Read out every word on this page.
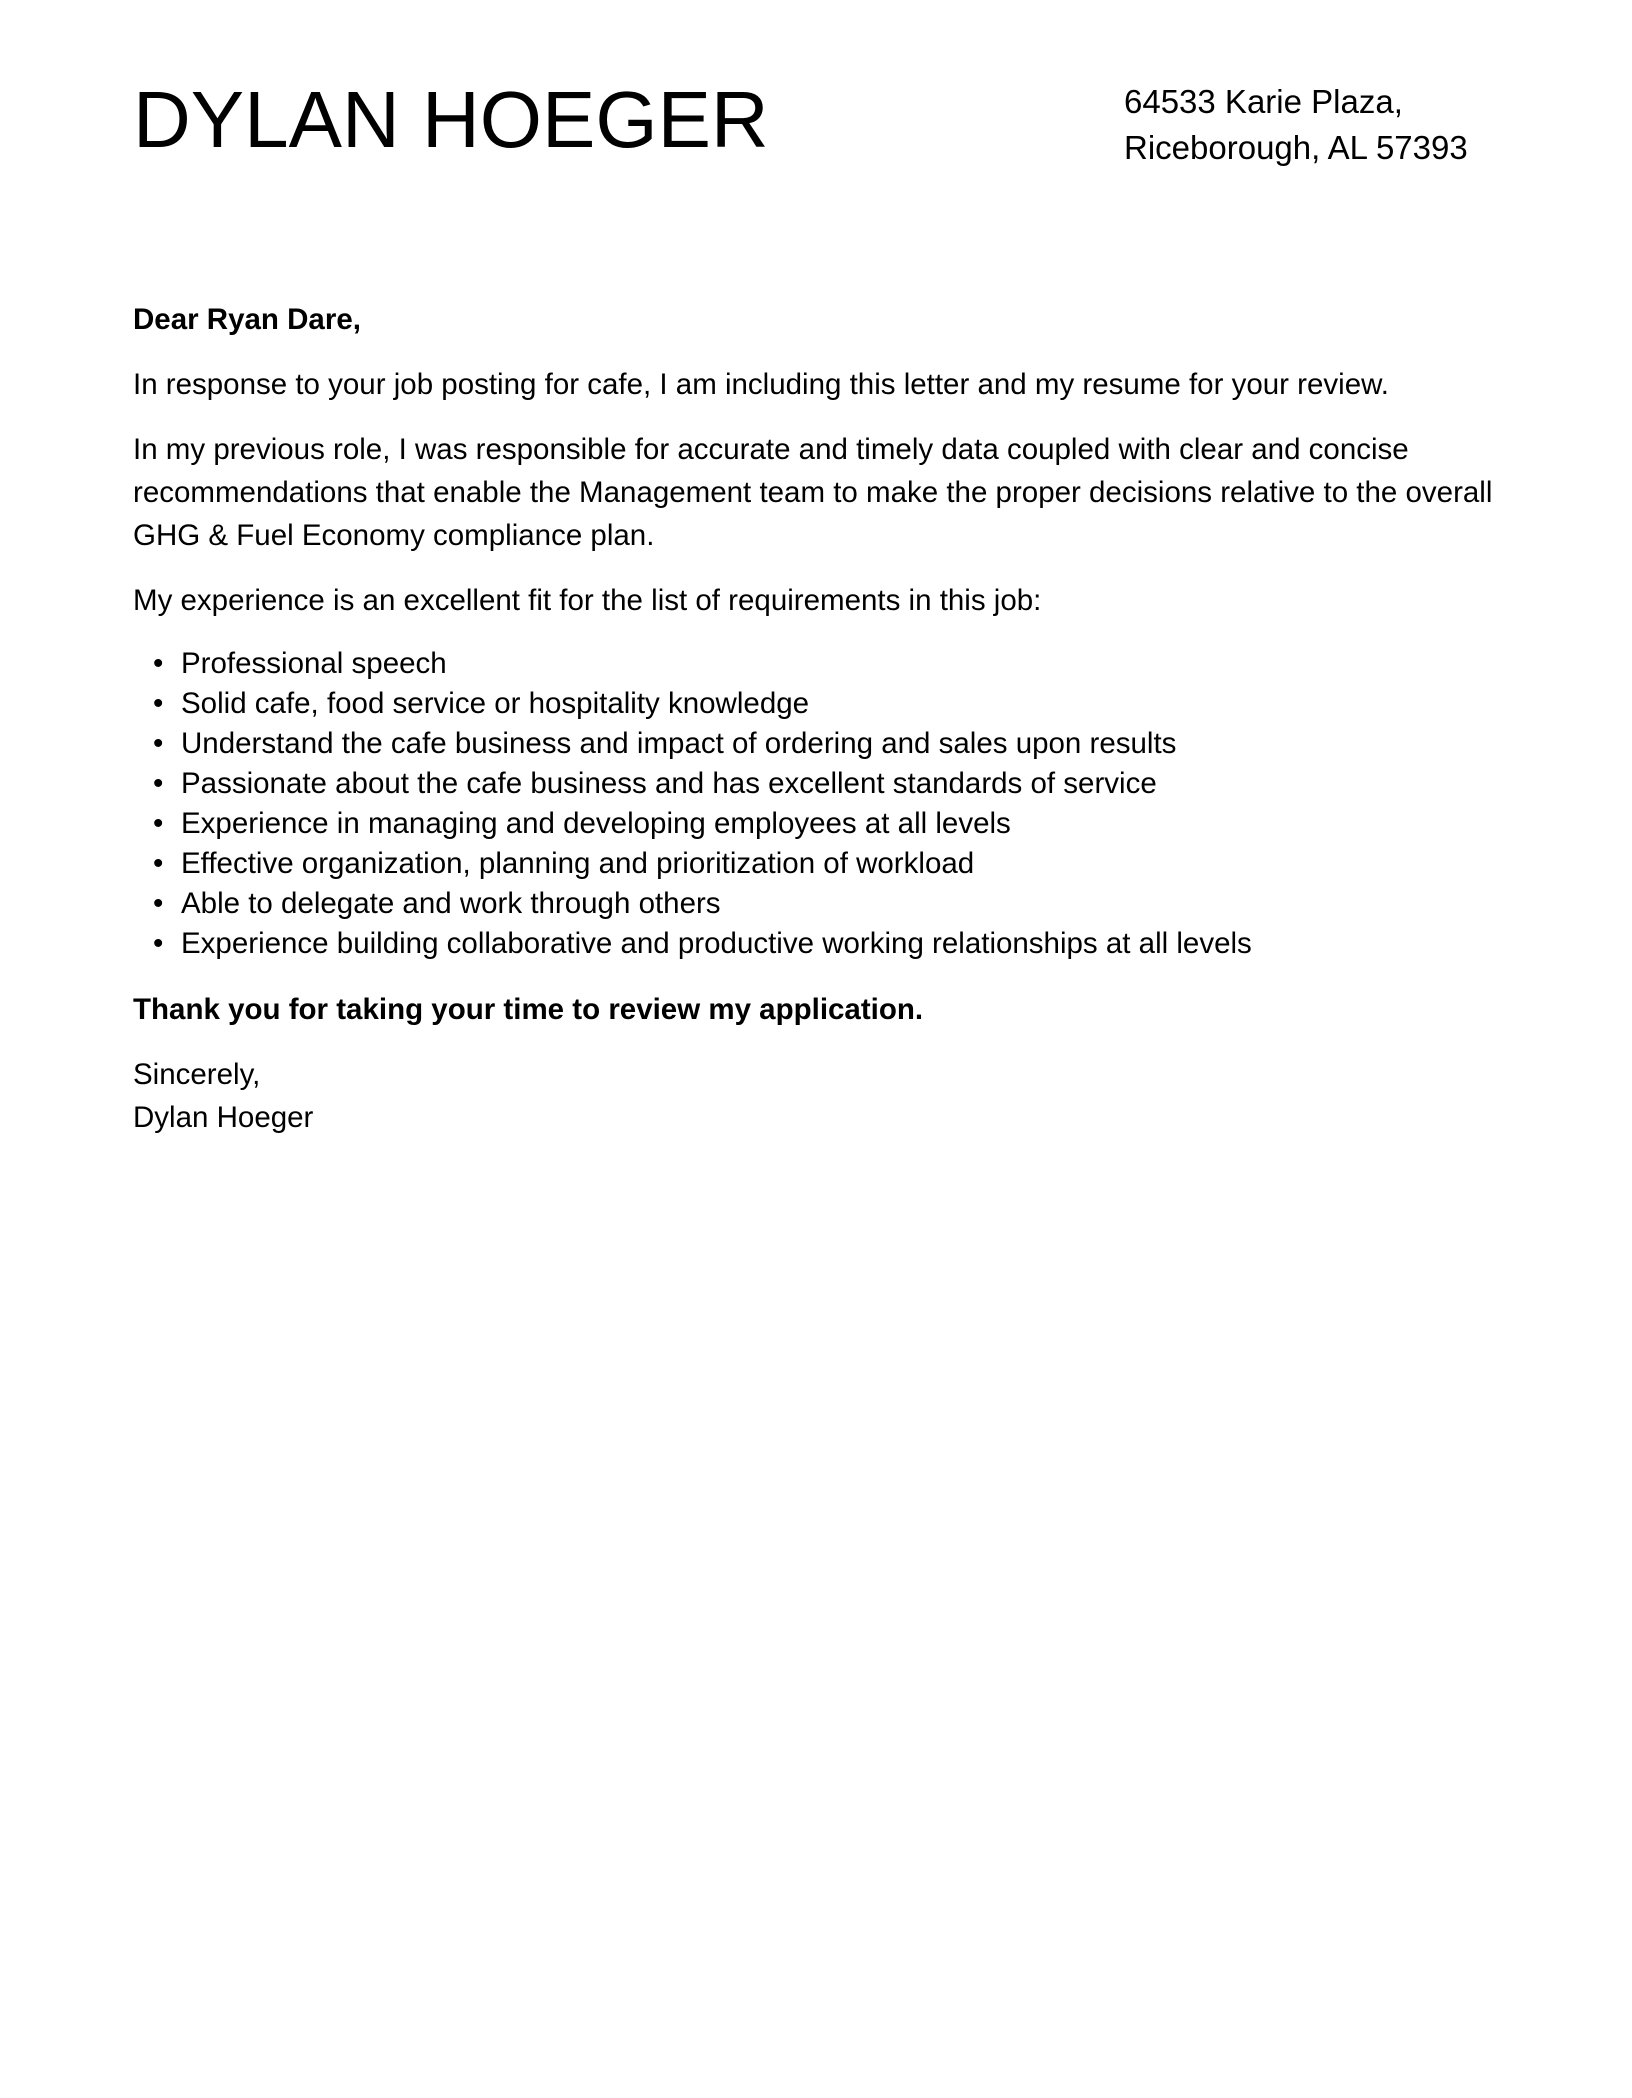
DYLAN HOEGER	64533 Karie Plaza,
Riceborough, AL 57393

Dear Ryan Dare,

In response to your job posting for cafe, I am including this letter and my resume for your review.

In my previous role, I was responsible for accurate and timely data coupled with clear and concise recommendations that enable the Management team to make the proper decisions relative to the overall GHG & Fuel Economy compliance plan.

My experience is an excellent fit for the list of requirements in this job:

• Professional speech
• Solid cafe, food service or hospitality knowledge
• Understand the cafe business and impact of ordering and sales upon results
• Passionate about the cafe business and has excellent standards of service
• Experience in managing and developing employees at all levels
• Effective organization, planning and prioritization of workload
• Able to delegate and work through others
• Experience building collaborative and productive working relationships at all levels

Thank you for taking your time to review my application.

Sincerely,
Dylan Hoeger
